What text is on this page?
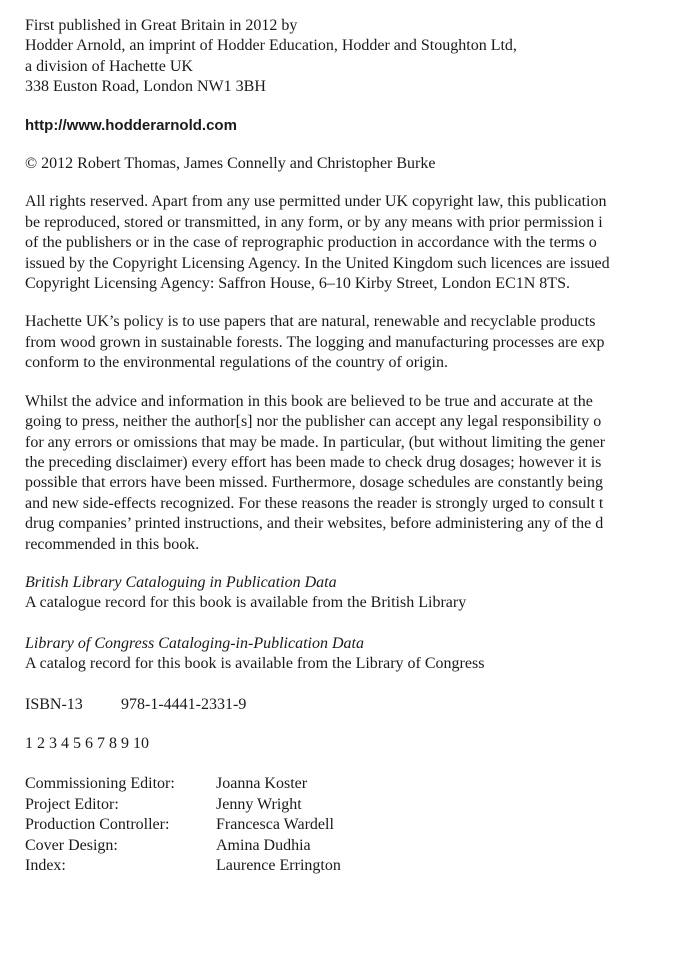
First published in Great Britain in 2012 by
Hodder Arnold, an imprint of Hodder Education, Hodder and Stoughton Ltd,
a division of Hachette UK
338 Euston Road, London NW1 3BH
http://www.hodderarnold.com
© 2012 Robert Thomas, James Connelly and Christopher Burke
All rights reserved. Apart from any use permitted under UK copyright law, this publication
be reproduced, stored or transmitted, in any form, or by any means with prior permission i
of the publishers or in the case of reprographic production in accordance with the terms o
issued by the Copyright Licensing Agency. In the United Kingdom such licences are issued
Copyright Licensing Agency: Saffron House, 6–10 Kirby Street, London EC1N 8TS.
Hachette UK’s policy is to use papers that are natural, renewable and recyclable products
from wood grown in sustainable forests. The logging and manufacturing processes are exp
conform to the environmental regulations of the country of origin.
Whilst the advice and information in this book are believed to be true and accurate at the
going to press, neither the author[s] nor the publisher can accept any legal responsibility o
for any errors or omissions that may be made. In particular, (but without limiting the gener
the preceding disclaimer) every effort has been made to check drug dosages; however it is
possible that errors have been missed. Furthermore, dosage schedules are constantly being
and new side-effects recognized. For these reasons the reader is strongly urged to consult t
drug companies’ printed instructions, and their websites, before administering any of the d
recommended in this book.
British Library Cataloguing in Publication Data
A catalogue record for this book is available from the British Library
Library of Congress Cataloging-in-Publication Data
A catalog record for this book is available from the Library of Congress
ISBN-13 978-1-4441-2331-9
1 2 3 4 5 6 7 8 9 10
Commissioning Editor:	Joanna Koster
Project Editor:	Jenny Wright
Production Controller:	Francesca Wardell
Cover Design:	Amina Dudhia
Index:	Laurence Errington
